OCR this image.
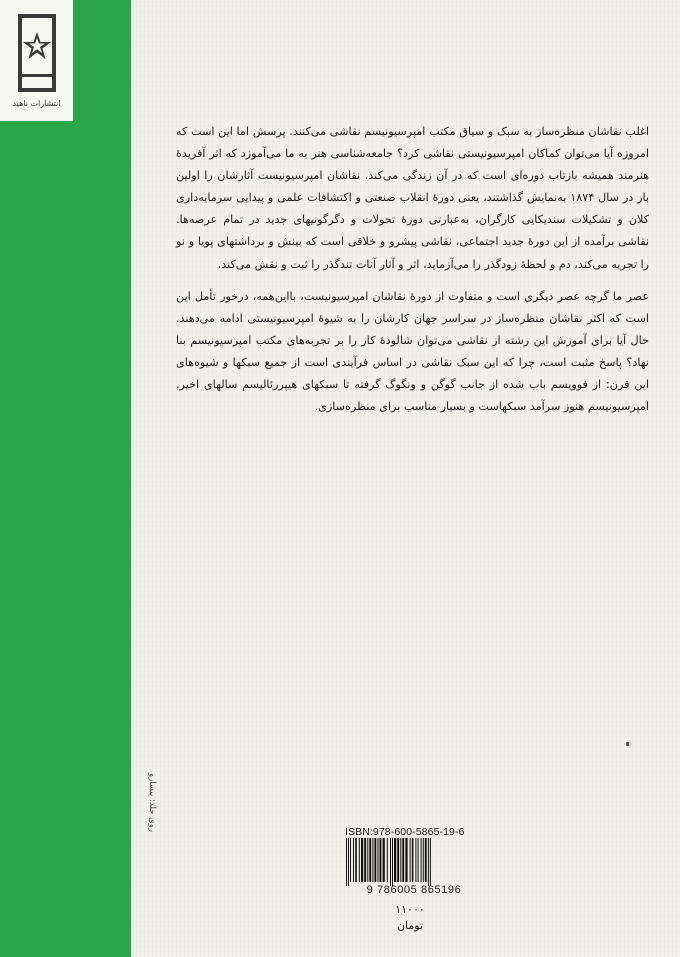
انتشارات ناهید

اغلب نقاشان منظره‌ساز به سبک و سیاق مکتب امپرسیونیسم نقاشی می‌کنند. پرسش اما این است که امروزه آیا می‌توان کماکان امپرسیونیستی نقاشی کرد؟ جامعه‌شناسی هنر به ما می‌آموزد که اثر آفریدهٔ هنرمند همیشه بازتاب دوره‌ای است که در آن زندگی می‌کند. نقاشان امپرسیونیست آثارشان را اولین بار در سال ۱۸۷۴ به‌نمایش گذاشتند، یعنی دورهٔ انقلاب صنعتی و اکتشافات علمی و پیدایی سرمایه‌داری کلان و تشکیلات سندیکایی کارگران، به‌عبارتی دورهٔ تحولات و دگرگونیهای جدید در تمام عرصه‌ها. نقاشی برآمده از این دورهٔ جدید اجتماعی، نقاشی پیشرو و خلاقی است که بینش و برداشتهای پویا و نو را تجربه می‌کند، دم و لحظهٔ زودگذر را می‌آزماید، اثر و آثار آنات تندگذر را ثبت و نقش می‌کند.

عصر ما گرچه عصر دیگری است و متفاوت از دورهٔ نقاشان امپرسیونیست، بااین‌همه، درخور تأمل این است که اکثر نقاشان منظره‌ساز در سراسر جهان کارشان را به شیوهٔ امپرسیونیستی ادامه می‌دهند. حال آیا برای آموزش این رشته از نقاشی می‌توان شالودهٔ کار را بر تجربه‌های مکتب امپرسیونیسم بنا نهاد؟ پاسخ مثبت است، چرا که این سبک نقاشی در اساس فرآیندی است از جمیع سبکها و شیوه‌های این قرن: از فوویسم باب شده از جانب گوگن و ونگوگ گرفته تا سبکهای هیپررئالیسم سالهای اخیر. امپرسیونیسم هنوز سرآمد سبکهاست و بسیار مناسب برای منظره‌سازی.

روی جلد: پیسارو
ISBN:978-600-5865-19-6
9 786005 865196
۱۱۰۰۰
تومان
